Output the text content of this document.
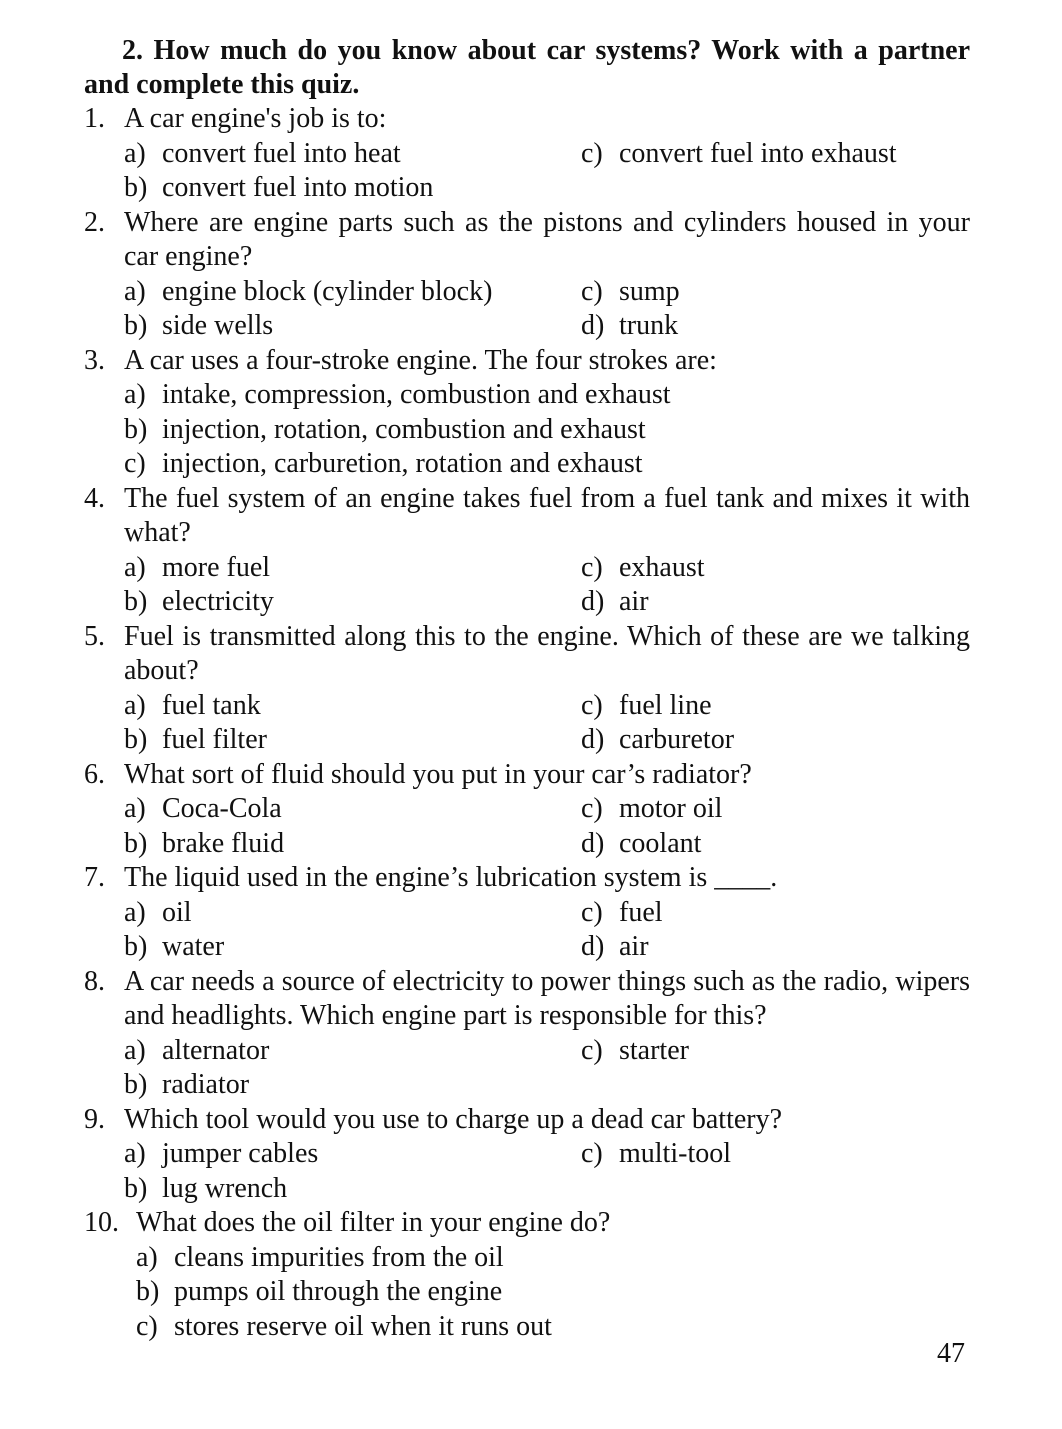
2. How much do you know about car systems? Work with a partner and complete this quiz.

1. A car engine's job is to:
a) convert fuel into heat	c) convert fuel into exhaust
b) convert fuel into motion
2. Where are engine parts such as the pistons and cylinders housed in your car engine?
a) engine block (cylinder block)	c) sump
b) side wells	d) trunk
3. A car uses a four-stroke engine. The four strokes are:
a) intake, compression, combustion and exhaust
b) injection, rotation, combustion and exhaust
c) injection, carburetion, rotation and exhaust
4. The fuel system of an engine takes fuel from a fuel tank and mixes it with what?
a) more fuel	c) exhaust
b) electricity	d) air
5. Fuel is transmitted along this to the engine. Which of these are we talking about?
a) fuel tank	c) fuel line
b) fuel filter	d) carburetor
6. What sort of fluid should you put in your car’s radiator?
a) Coca-Cola	c) motor oil
b) brake fluid	d) coolant
7. The liquid used in the engine’s lubrication system is ____.
a) oil	c) fuel
b) water	d) air
8. A car needs a source of electricity to power things such as the radio, wipers and headlights. Which engine part is responsible for this?
a) alternator	c) starter
b) radiator
9. Which tool would you use to charge up a dead car battery?
a) jumper cables	c) multi-tool
b) lug wrench
10. What does the oil filter in your engine do?
a) cleans impurities from the oil
b) pumps oil through the engine
c) stores reserve oil when it runs out
47
